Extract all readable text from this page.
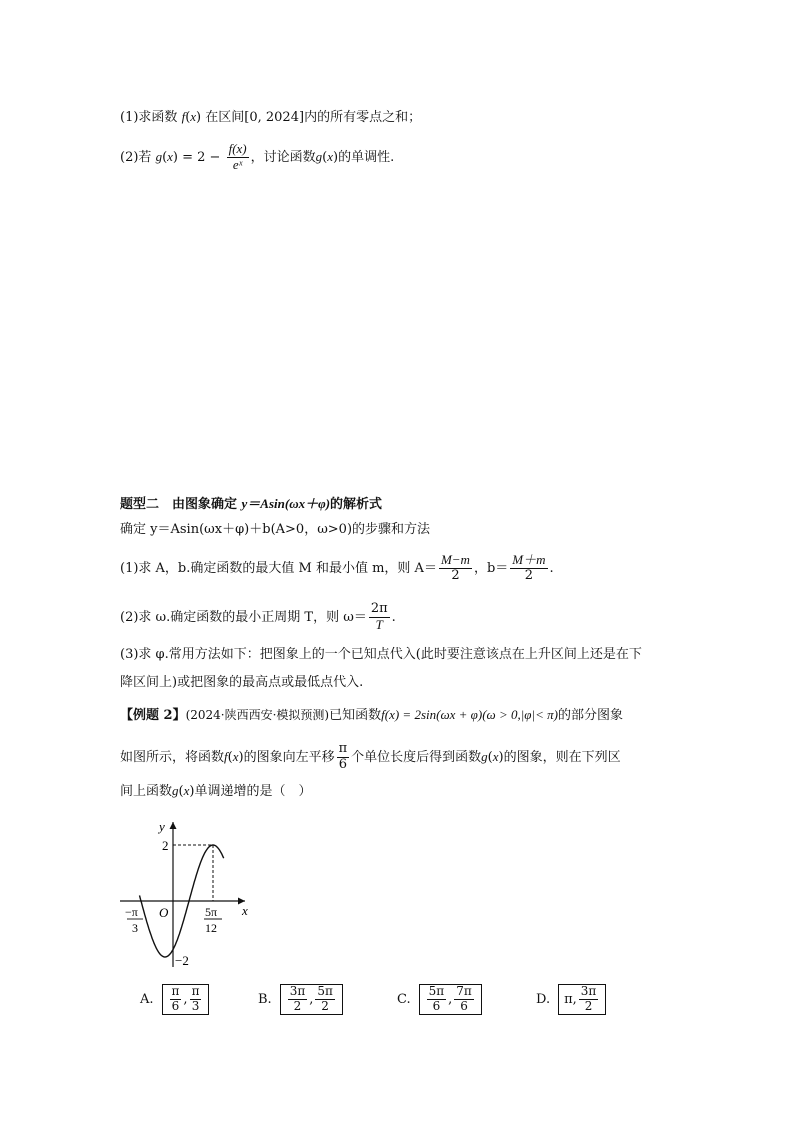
(1)求函数 f(x) 在区间[0, 2024]内的所有零点之和；
(2)若 $g(x) = 2 - \frac{f(x)}{\text{eˣ}}$ ，讨论函数g(x)的单调性.
题型二　由图象确定 y＝Asin(ωx＋φ)的解析式
确定 y＝Asin(ωx＋φ)＋b(A>0，ω>0)的步骤和方法
(1)求 A，b.确定函数的最大值 M 和最小值 m，则 $A= \frac{M-m}{2}$ ，$b= \frac{M+m}{2}$ .
(2)求 ω.确定函数的最小正周期 T，则 $\omega= \frac{2\pi}{T}$ .
(3)求 φ.常用方法如下：把图象上的一个已知点代入(此时要注意该点在上升区间上还是在下
降区间上)或把图象的最高点或最低点代入.
【例题 2】(2024·陕西西安·模拟预测)已知函数f(x) = 2sin(ωx + φ)(ω > 0,|φ|< π)的部分图象
如图所示，将函数f(x)的图象向左平移 $\frac{\pi}{6}$ 个单位长度后得到函数g(x)的图象，则在下列区
间上函数g(x)单调递增的是（　）
y
x
O
2
−2
−π
3
5π
12
A. $\frac{\pi}{6}$ , $\frac{\pi}{3}$	B. $\frac{3\pi}{2}$ , $\frac{5\pi}{2}$	C. $\frac{5\pi}{6}$ , $\frac{7\pi}{6}$	D. π, $\frac{3\pi}{2}$
